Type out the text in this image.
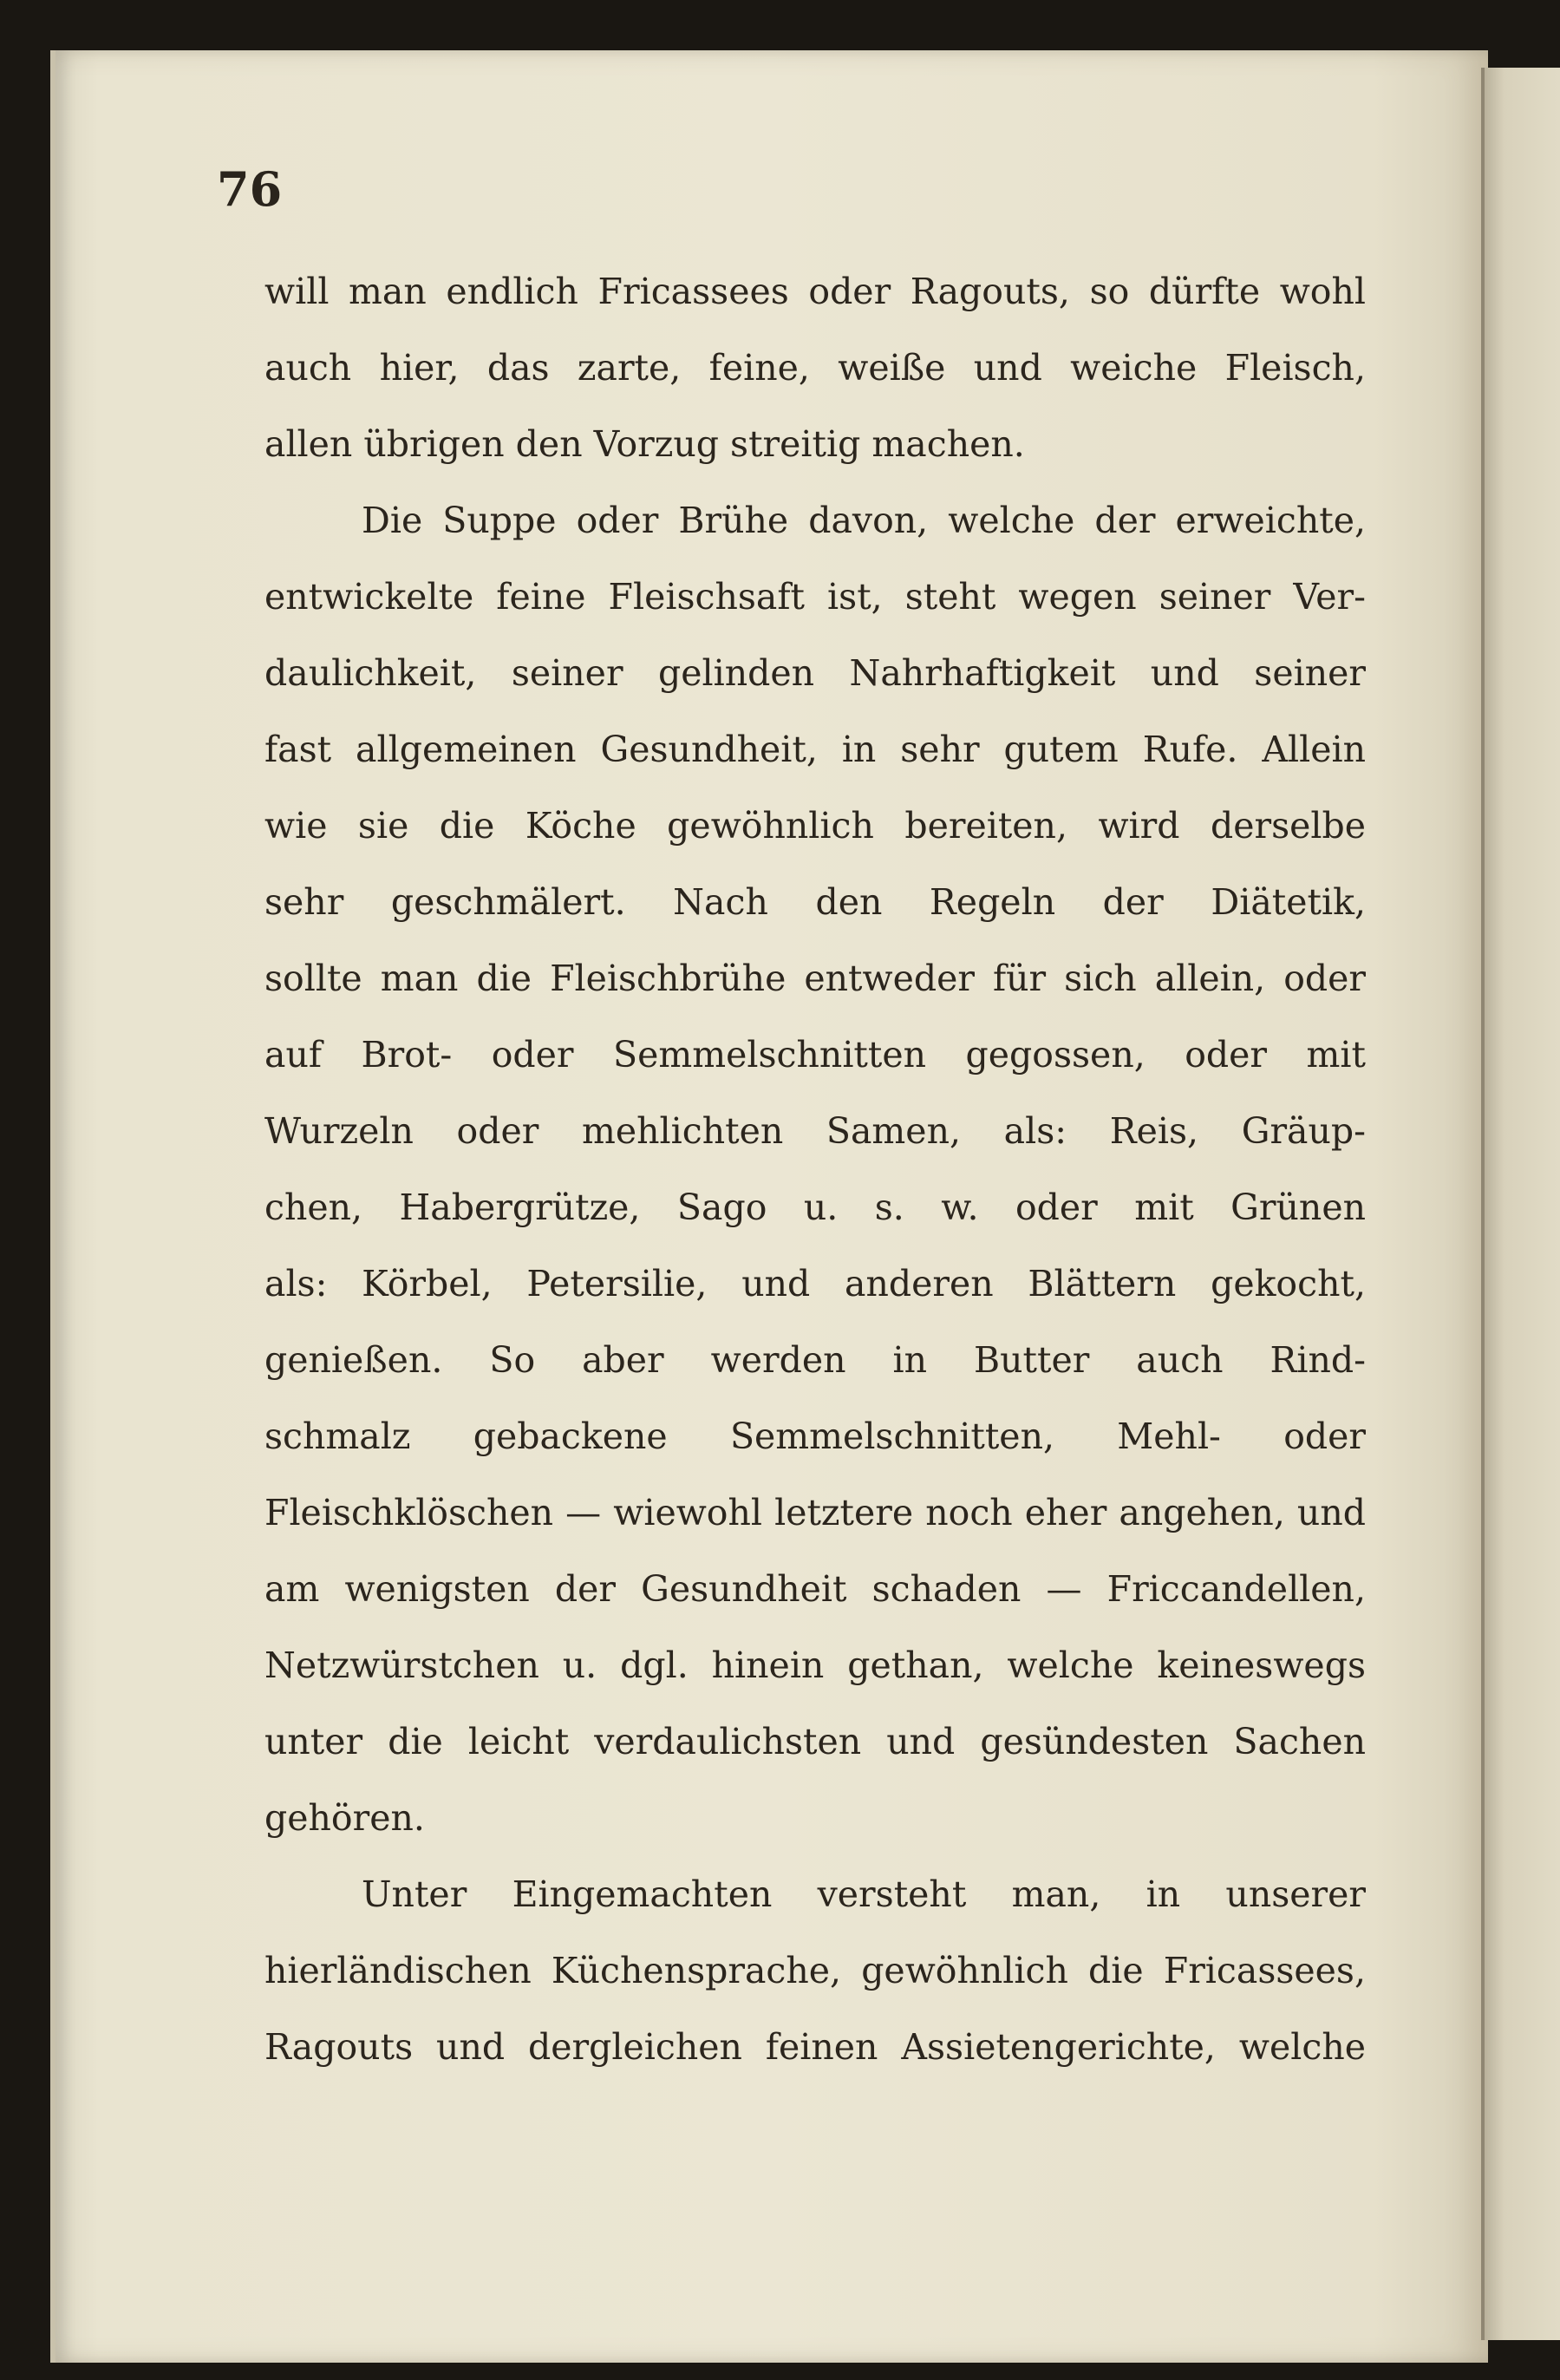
76
will man endlich Fricassees oder Ragouts, so dürfte wohl
auch hier, das zarte, feine, weiße und weiche Fleisch,
allen übrigen den Vorzug streitig machen.
Die Suppe oder Brühe davon, welche der erweichte,
entwickelte feine Fleischsaft ist, steht wegen seiner Ver-
daulichkeit, seiner gelinden Nahrhaftigkeit und seiner
fast allgemeinen Gesundheit, in sehr gutem Rufe. Allein
wie sie die Köche gewöhnlich bereiten, wird derselbe
sehr geschmälert. Nach den Regeln der Diätetik,
sollte man die Fleischbrühe entweder für sich allein, oder
auf Brot- oder Semmelschnitten gegossen, oder mit
Wurzeln oder mehlichten Samen, als: Reis, Gräup-
chen, Habergrütze, Sago u. s. w. oder mit Grünen
als: Körbel, Petersilie, und anderen Blättern gekocht,
genießen. So aber werden in Butter auch Rind-
schmalz gebackene Semmelschnitten, Mehl- oder
Fleischklöschen — wiewohl letztere noch eher angehen, und
am wenigsten der Gesundheit schaden — Friccandellen,
Netzwürstchen u. dgl. hinein gethan, welche keineswegs
unter die leicht verdaulichsten und gesündesten Sachen
gehören.
Unter Eingemachten versteht man, in unserer
hierländischen Küchensprache, gewöhnlich die Fricassees,
Ragouts und dergleichen feinen Assietengerichte, welche
